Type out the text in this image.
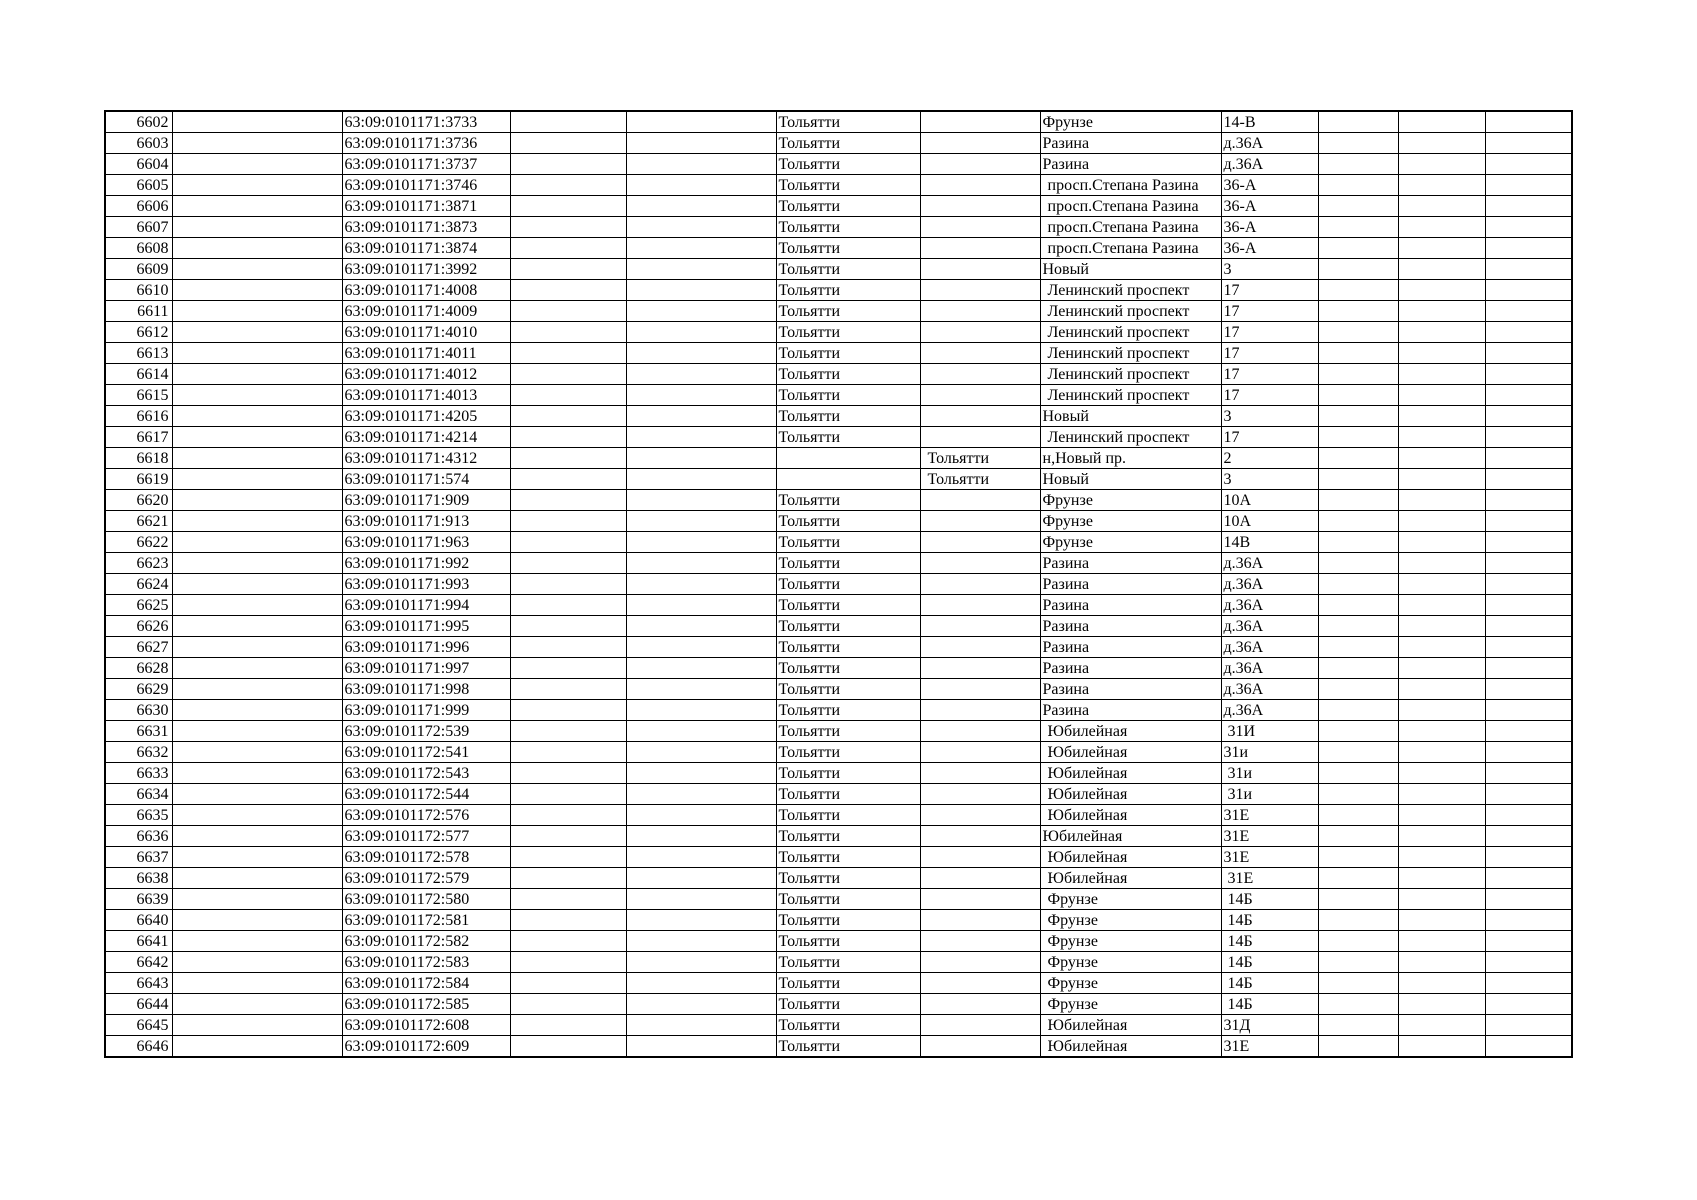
6602		63:09:0101171:3733			Тольятти		Фрунзе	14-В			
6603		63:09:0101171:3736			Тольятти		Разина	д.36А			
6604		63:09:0101171:3737			Тольятти		Разина	д.36А			
6605		63:09:0101171:3746			Тольятти		просп.Степана Разина	36-А			
6606		63:09:0101171:3871			Тольятти		просп.Степана Разина	36-А			
6607		63:09:0101171:3873			Тольятти		просп.Степана Разина	36-А			
6608		63:09:0101171:3874			Тольятти		просп.Степана Разина	36-А			
6609		63:09:0101171:3992			Тольятти		Новый	3			
6610		63:09:0101171:4008			Тольятти		Ленинский проспект	17			
6611		63:09:0101171:4009			Тольятти		Ленинский проспект	17			
6612		63:09:0101171:4010			Тольятти		Ленинский проспект	17			
6613		63:09:0101171:4011			Тольятти		Ленинский проспект	17			
6614		63:09:0101171:4012			Тольятти		Ленинский проспект	17			
6615		63:09:0101171:4013			Тольятти		Ленинский проспект	17			
6616		63:09:0101171:4205			Тольятти		Новый	3			
6617		63:09:0101171:4214			Тольятти		Ленинский проспект	17			
6618		63:09:0101171:4312				Тольятти	н,Новый пр.	2			
6619		63:09:0101171:574				Тольятти	Новый	3			
6620		63:09:0101171:909			Тольятти		Фрунзе	10А			
6621		63:09:0101171:913			Тольятти		Фрунзе	10А			
6622		63:09:0101171:963			Тольятти		Фрунзе	14В			
6623		63:09:0101171:992			Тольятти		Разина	д.36А			
6624		63:09:0101171:993			Тольятти		Разина	д.36А			
6625		63:09:0101171:994			Тольятти		Разина	д.36А			
6626		63:09:0101171:995			Тольятти		Разина	д.36А			
6627		63:09:0101171:996			Тольятти		Разина	д.36А			
6628		63:09:0101171:997			Тольятти		Разина	д.36А			
6629		63:09:0101171:998			Тольятти		Разина	д.36А			
6630		63:09:0101171:999			Тольятти		Разина	д.36А			
6631		63:09:0101172:539			Тольятти		Юбилейная	31И			
6632		63:09:0101172:541			Тольятти		Юбилейная	31и			
6633		63:09:0101172:543			Тольятти		Юбилейная	31и			
6634		63:09:0101172:544			Тольятти		Юбилейная	31и			
6635		63:09:0101172:576			Тольятти		Юбилейная	31Е			
6636		63:09:0101172:577			Тольятти		Юбилейная	31Е			
6637		63:09:0101172:578			Тольятти		Юбилейная	31Е			
6638		63:09:0101172:579			Тольятти		Юбилейная	31Е			
6639		63:09:0101172:580			Тольятти		Фрунзе	14Б			
6640		63:09:0101172:581			Тольятти		Фрунзе	14Б			
6641		63:09:0101172:582			Тольятти		Фрунзе	14Б			
6642		63:09:0101172:583			Тольятти		Фрунзе	14Б			
6643		63:09:0101172:584			Тольятти		Фрунзе	14Б			
6644		63:09:0101172:585			Тольятти		Фрунзе	14Б			
6645		63:09:0101172:608			Тольятти		Юбилейная	31Д			
6646		63:09:0101172:609			Тольятти		Юбилейная	31Е			
